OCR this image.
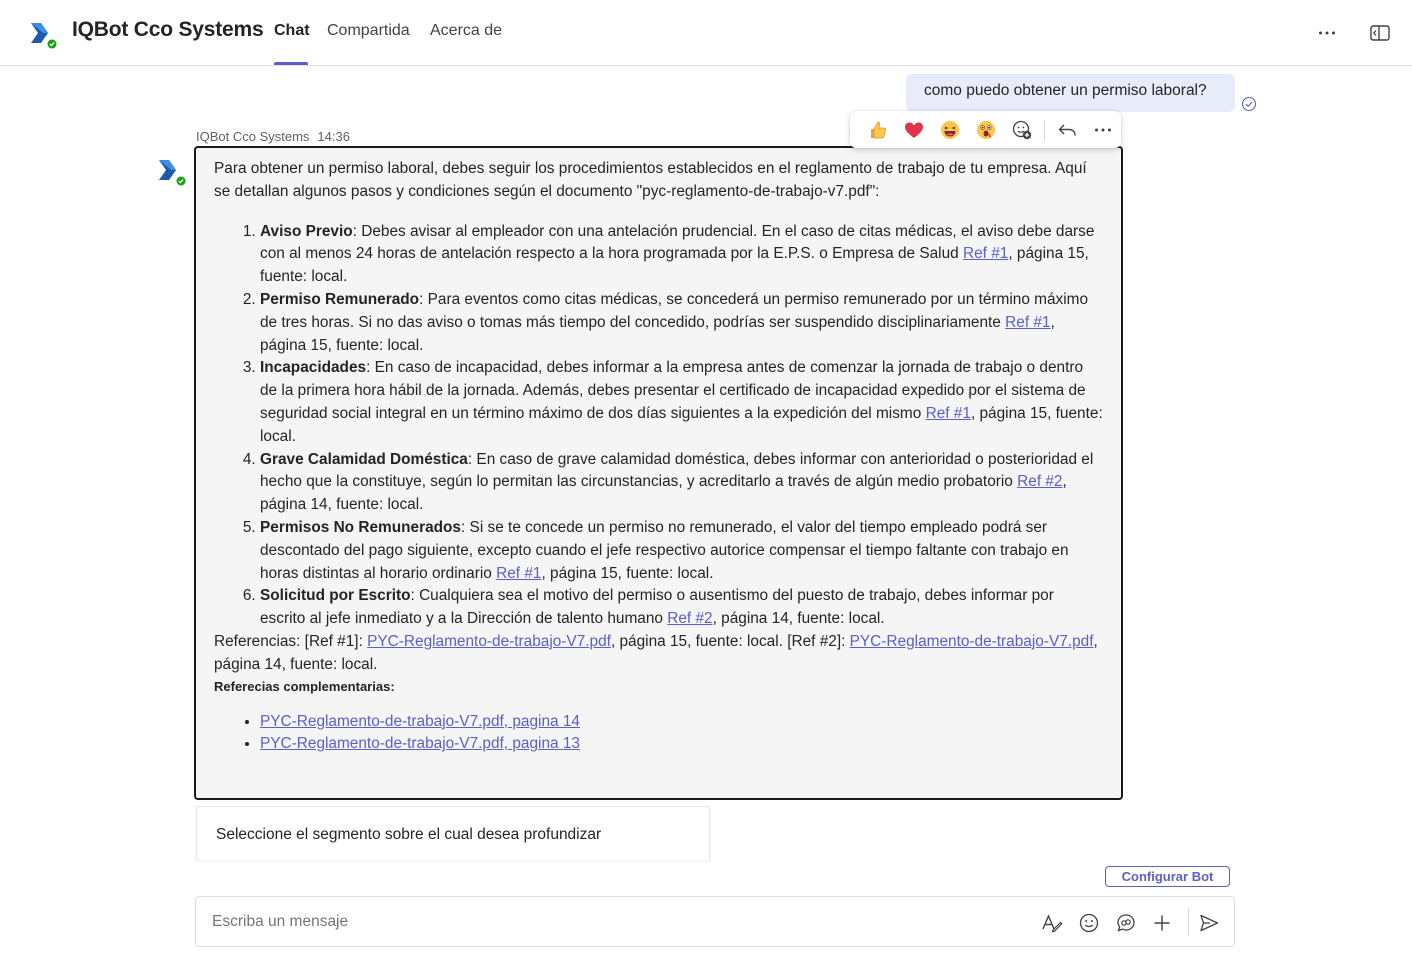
IQBot Cco Systems Chat Compartida Acerca de
como puedo obtener un permiso laboral?
IQBot Cco Systems 14:36

Para obtener un permiso laboral, debes seguir los procedimientos establecidos en el reglamento de trabajo de tu empresa. Aquí se detallan algunos pasos y condiciones según el documento "pyc-reglamento-de-trabajo-v7.pdf":

1. Aviso Previo: Debes avisar al empleador con una antelación prudencial. En el caso de citas médicas, el aviso debe darse con al menos 24 horas de antelación respecto a la hora programada por la E.P.S. o Empresa de Salud Ref #1, página 15, fuente: local.
2. Permiso Remunerado: Para eventos como citas médicas, se concederá un permiso remunerado por un término máximo de tres horas. Si no das aviso o tomas más tiempo del concedido, podrías ser suspendido disciplinariamente Ref #1, página 15, fuente: local.
3. Incapacidades: En caso de incapacidad, debes informar a la empresa antes de comenzar la jornada de trabajo o dentro de la primera hora hábil de la jornada. Además, debes presentar el certificado de incapacidad expedido por el sistema de seguridad social integral en un término máximo de dos días siguientes a la expedición del mismo Ref #1, página 15, fuente: local.
4. Grave Calamidad Doméstica: En caso de grave calamidad doméstica, debes informar con anterioridad o posterioridad el hecho que la constituye, según lo permitan las circunstancias, y acreditarlo a través de algún medio probatorio Ref #2, página 14, fuente: local.
5. Permisos No Remunerados: Si se te concede un permiso no remunerado, el valor del tiempo empleado podrá ser descontado del pago siguiente, excepto cuando el jefe respectivo autorice compensar el tiempo faltante con trabajo en horas distintas al horario ordinario Ref #1, página 15, fuente: local.
6. Solicitud por Escrito: Cualquiera sea el motivo del permiso o ausentismo del puesto de trabajo, debes informar por escrito al jefe inmediato y a la Dirección de talento humano Ref #2, página 14, fuente: local.

Referencias: [Ref #1]: PYC-Reglamento-de-trabajo-V7.pdf, página 15, fuente: local. [Ref #2]: PYC-Reglamento-de-trabajo-V7.pdf, página 14, fuente: local.

Referecias complementarias:

• PYC-Reglamento-de-trabajo-V7.pdf, pagina 14
• PYC-Reglamento-de-trabajo-V7.pdf, pagina 13
Seleccione el segmento sobre el cual desea profundizar
Configurar Bot
Escriba un mensaje
